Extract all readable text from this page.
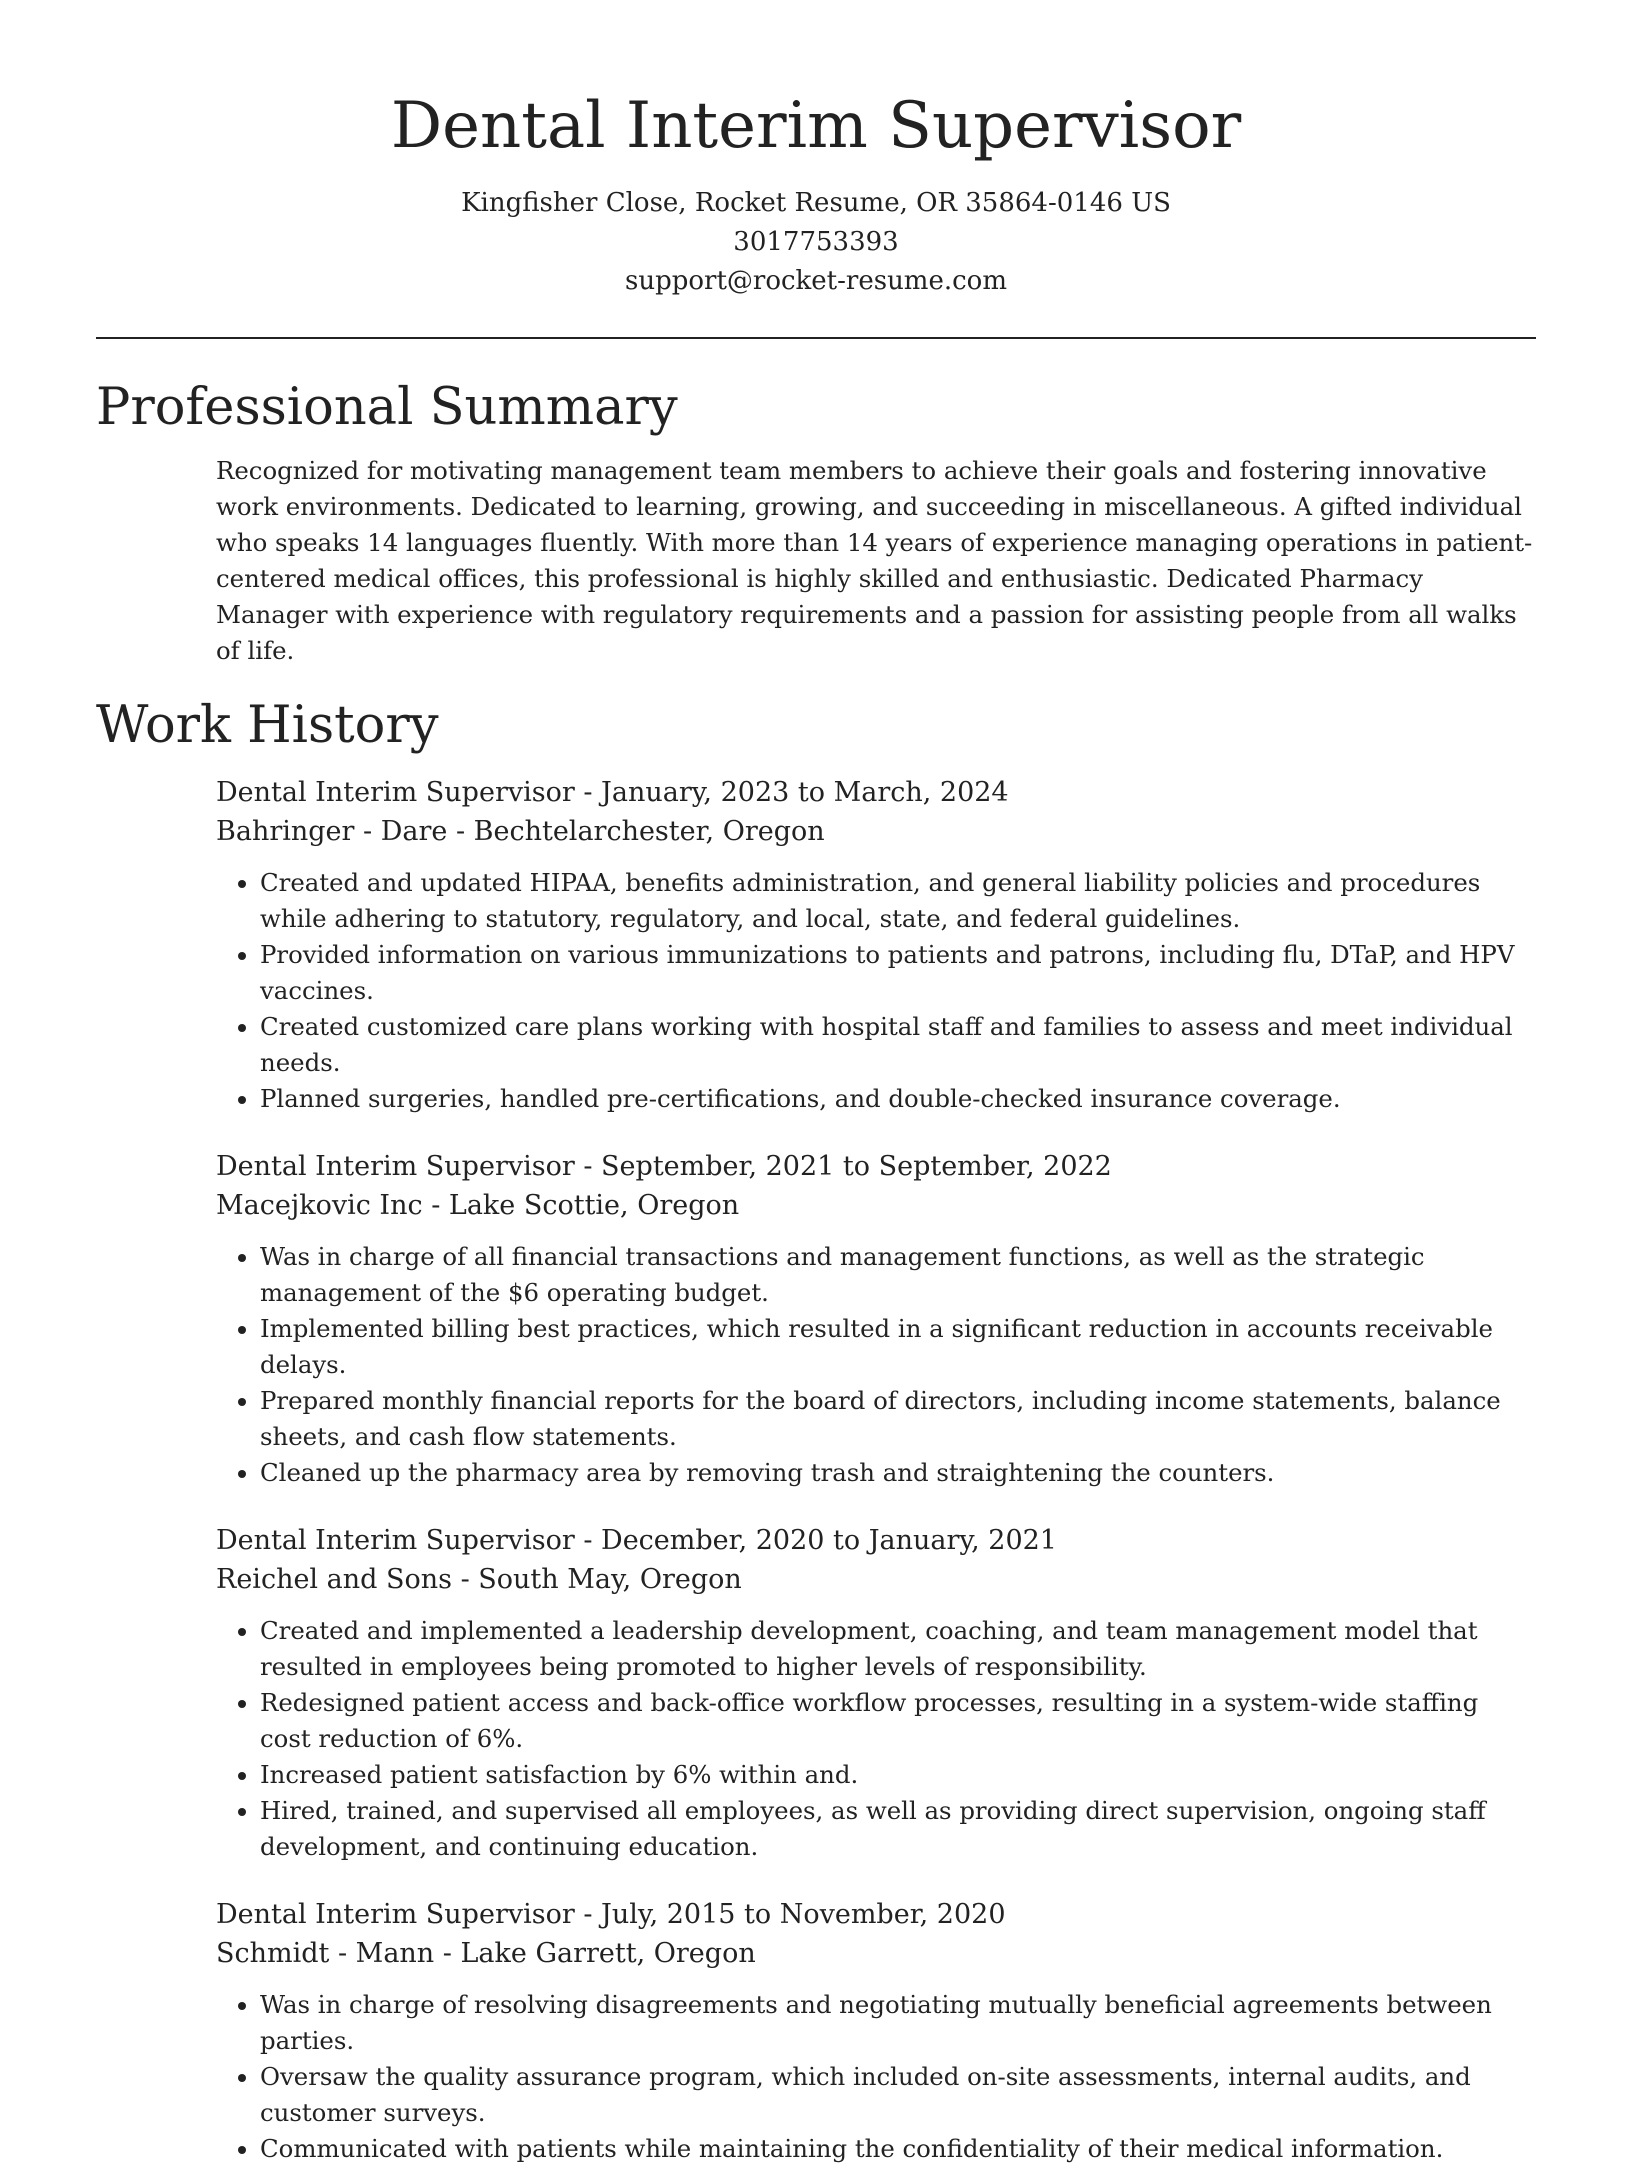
Dental Interim Supervisor
Kingfisher Close, Rocket Resume, OR 35864-0146 US
3017753393
support@rocket-resume.com
Professional Summary

Recognized for motivating management team members to achieve their goals and fostering innovative work environments. Dedicated to learning, growing, and succeeding in miscellaneous. A gifted individual who speaks 14 languages fluently. With more than 14 years of experience managing operations in patient-centered medical offices, this professional is highly skilled and enthusiastic. Dedicated Pharmacy Manager with experience with regulatory requirements and a passion for assisting people from all walks of life.

Work History
Dental Interim Supervisor - January, 2023 to March, 2024
Bahringer - Dare - Bechtelarchester, Oregon
• Created and updated HIPAA, benefits administration, and general liability policies and procedures while adhering to statutory, regulatory, and local, state, and federal guidelines.
• Provided information on various immunizations to patients and patrons, including flu, DTaP, and HPV vaccines.
• Created customized care plans working with hospital staff and families to assess and meet individual needs.
• Planned surgeries, handled pre-certifications, and double-checked insurance coverage.
Dental Interim Supervisor - September, 2021 to September, 2022
Macejkovic Inc - Lake Scottie, Oregon
• Was in charge of all financial transactions and management functions, as well as the strategic management of the $6 operating budget.
• Implemented billing best practices, which resulted in a significant reduction in accounts receivable delays.
• Prepared monthly financial reports for the board of directors, including income statements, balance sheets, and cash flow statements.
• Cleaned up the pharmacy area by removing trash and straightening the counters.
Dental Interim Supervisor - December, 2020 to January, 2021
Reichel and Sons - South May, Oregon
• Created and implemented a leadership development, coaching, and team management model that resulted in employees being promoted to higher levels of responsibility.
• Redesigned patient access and back-office workflow processes, resulting in a system-wide staffing cost reduction of 6%.
• Increased patient satisfaction by 6% within and.
• Hired, trained, and supervised all employees, as well as providing direct supervision, ongoing staff development, and continuing education.
Dental Interim Supervisor - July, 2015 to November, 2020
Schmidt - Mann - Lake Garrett, Oregon
• Was in charge of resolving disagreements and negotiating mutually beneficial agreements between parties.
• Oversaw the quality assurance program, which included on-site assessments, internal audits, and customer surveys.
• Communicated with patients while maintaining the confidentiality of their medical information.
